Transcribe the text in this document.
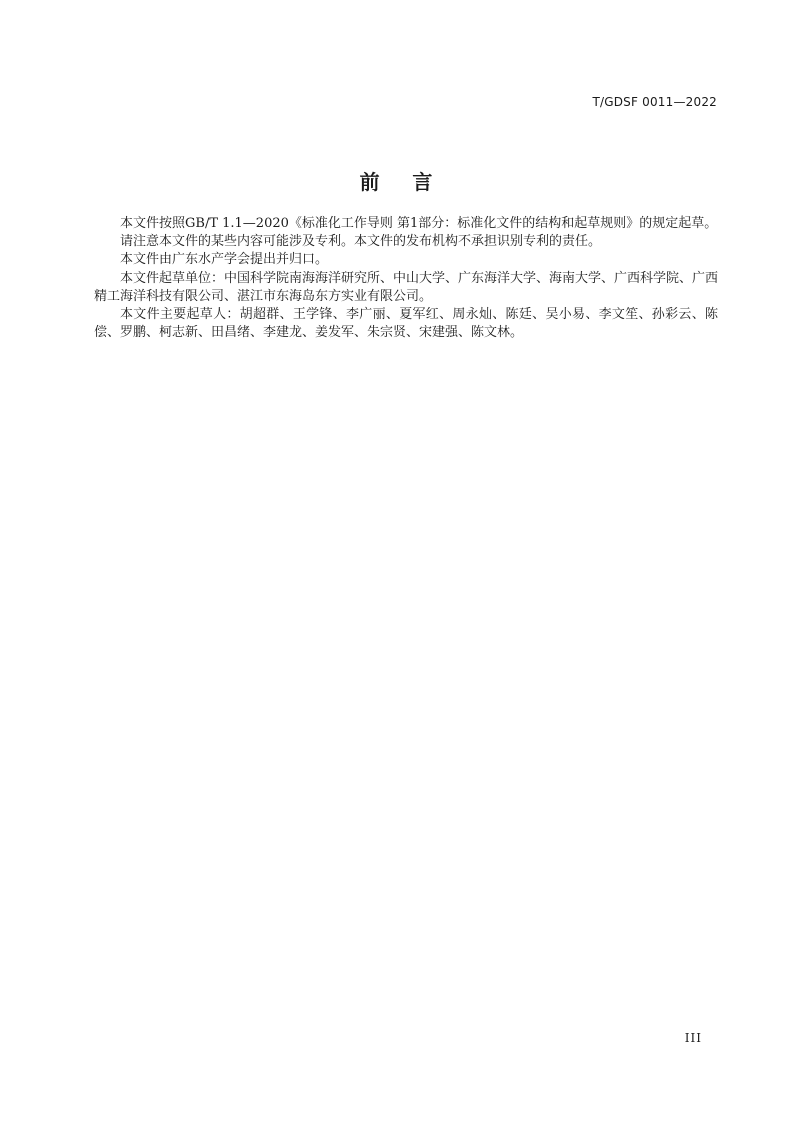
T/GDSF 0011—2022
前    言

本文件按照GB/T 1.1—2020《标准化工作导则 第1部分：标准化文件的结构和起草规则》的规定起草。

请注意本文件的某些内容可能涉及专利。本文件的发布机构不承担识别专利的责任。

本文件由广东水产学会提出并归口。

本文件起草单位：中国科学院南海海洋研究所、中山大学、广东海洋大学、海南大学、广西科学院、广西精工海洋科技有限公司、湛江市东海岛东方实业有限公司。

本文件主要起草人：胡超群、王学锋、李广丽、夏军红、周永灿、陈廷、吴小易、李文笙、孙彩云、陈偿、罗鹏、柯志新、田昌绪、李建龙、姜发军、朱宗贤、宋建强、陈文林。

III
